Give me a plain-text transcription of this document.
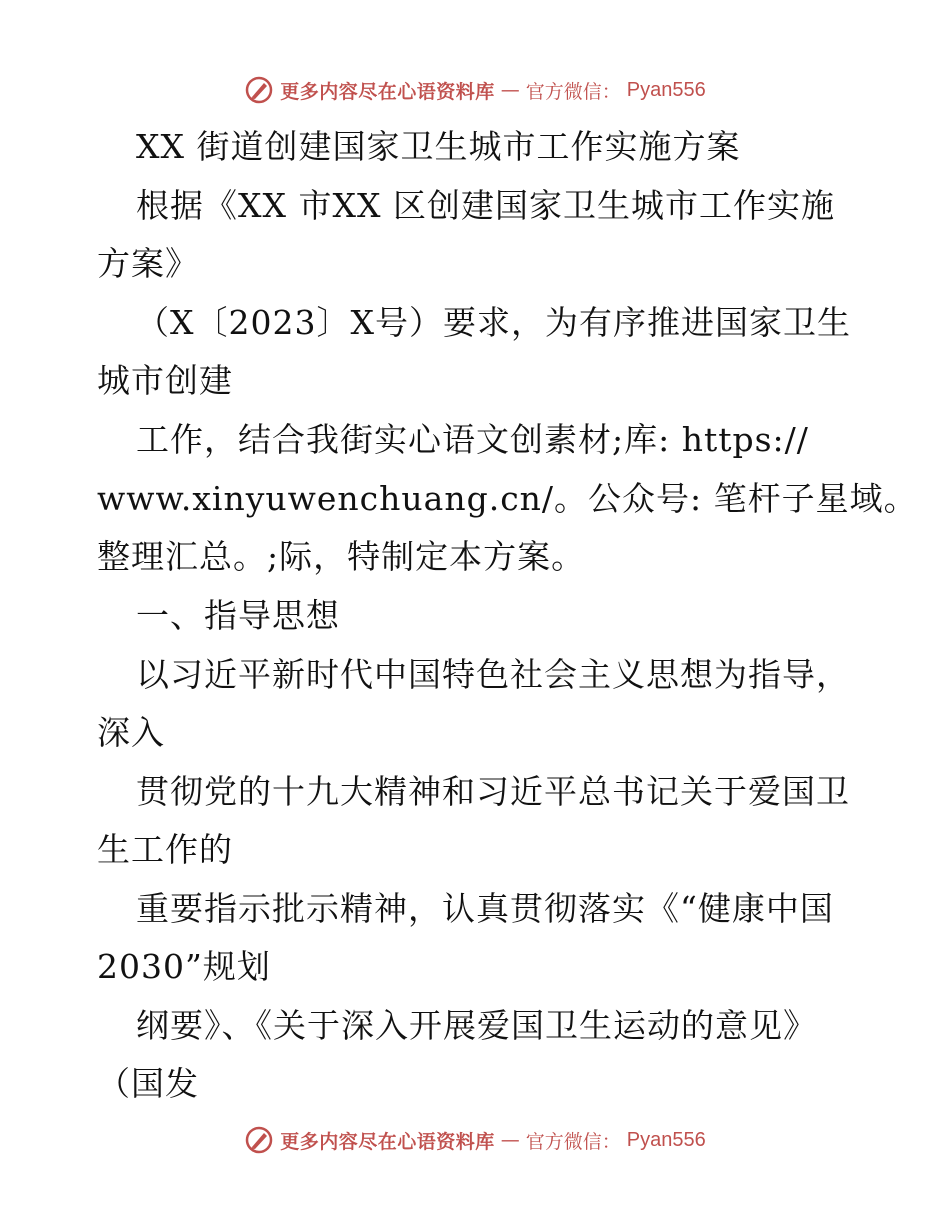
更多内容尽在心语资料库 — 官方微信： Pyan556
XX 街道创建国家卫生城市工作实施方案
根据《XX 市XX 区创建国家卫生城市工作实施
方案》
（X〔2023〕X号）要求，为有序推进国家卫生
城市创建
工作，结合我街实心语文创素材;库: https://
www.xinyuwenchuang.cn/。公众号: 笔杆子星域。
整理汇总。;际，特制定本方案。
一、指导思想
以习近平新时代中国特色社会主义思想为指导，
深入
贯彻党的十九大精神和习近平总书记关于爱国卫
生工作的
重要指示批示精神，认真贯彻落实《“健康中国
2030”规划
纲要》、《关于深入开展爱国卫生运动的意见》
（国发
更多内容尽在心语资料库 — 官方微信： Pyan556
